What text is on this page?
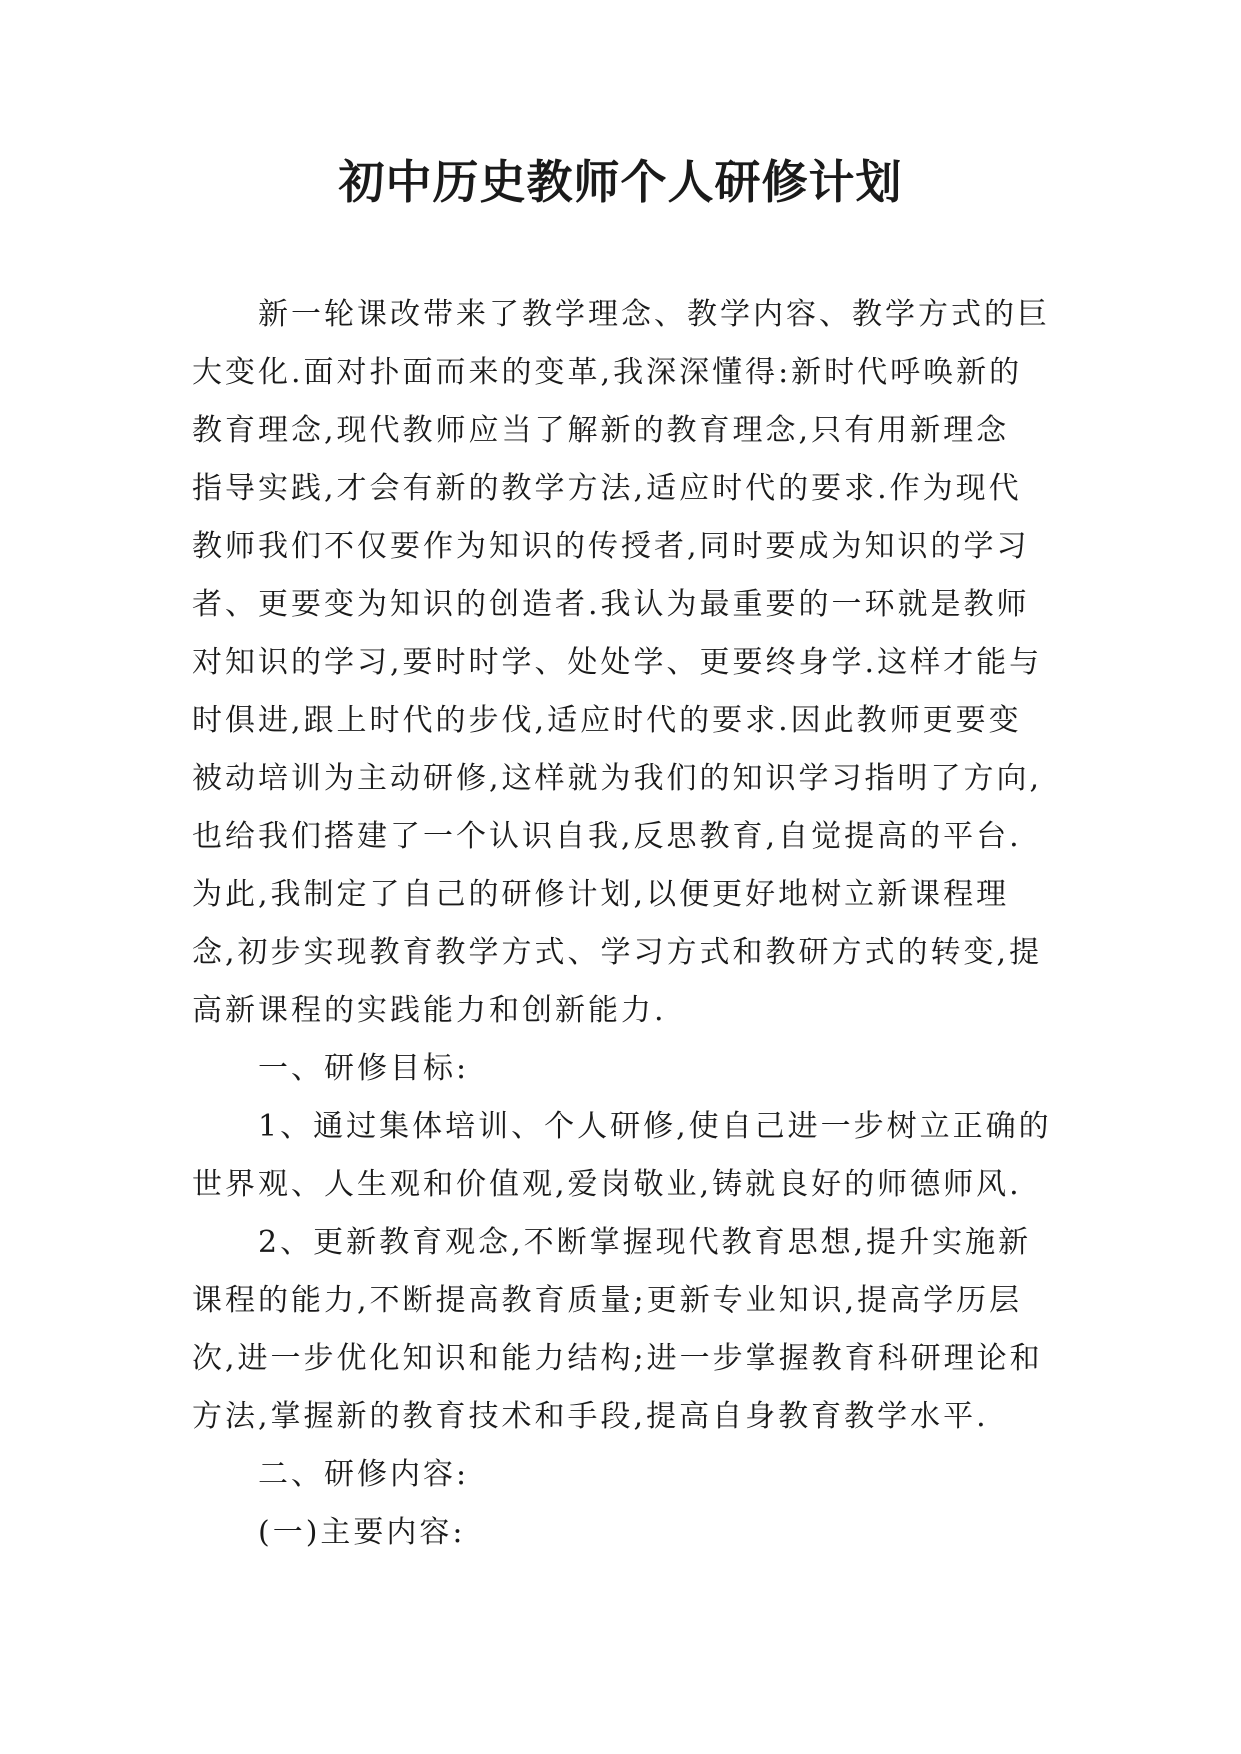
初中历史教师个人研修计划
新一轮课改带来了教学理念、教学内容、教学方式的巨
大变化.面对扑面而来的变革,我深深懂得:新时代呼唤新的
教育理念,现代教师应当了解新的教育理念,只有用新理念
指导实践,才会有新的教学方法,适应时代的要求.作为现代
教师我们不仅要作为知识的传授者,同时要成为知识的学习
者、更要变为知识的创造者.我认为最重要的一环就是教师
对知识的学习,要时时学、处处学、更要终身学.这样才能与
时俱进,跟上时代的步伐,适应时代的要求.因此教师更要变
被动培训为主动研修,这样就为我们的知识学习指明了方向,
也给我们搭建了一个认识自我,反思教育,自觉提高的平台.
为此,我制定了自己的研修计划,以便更好地树立新课程理
念,初步实现教育教学方式、学习方式和教研方式的转变,提
高新课程的实践能力和创新能力.
一、研修目标:
1、通过集体培训、个人研修,使自己进一步树立正确的
世界观、人生观和价值观,爱岗敬业,铸就良好的师德师风.
2、更新教育观念,不断掌握现代教育思想,提升实施新
课程的能力,不断提高教育质量;更新专业知识,提高学历层
次,进一步优化知识和能力结构;进一步掌握教育科研理论和
方法,掌握新的教育技术和手段,提高自身教育教学水平.
二、研修内容:
(一)主要内容:
